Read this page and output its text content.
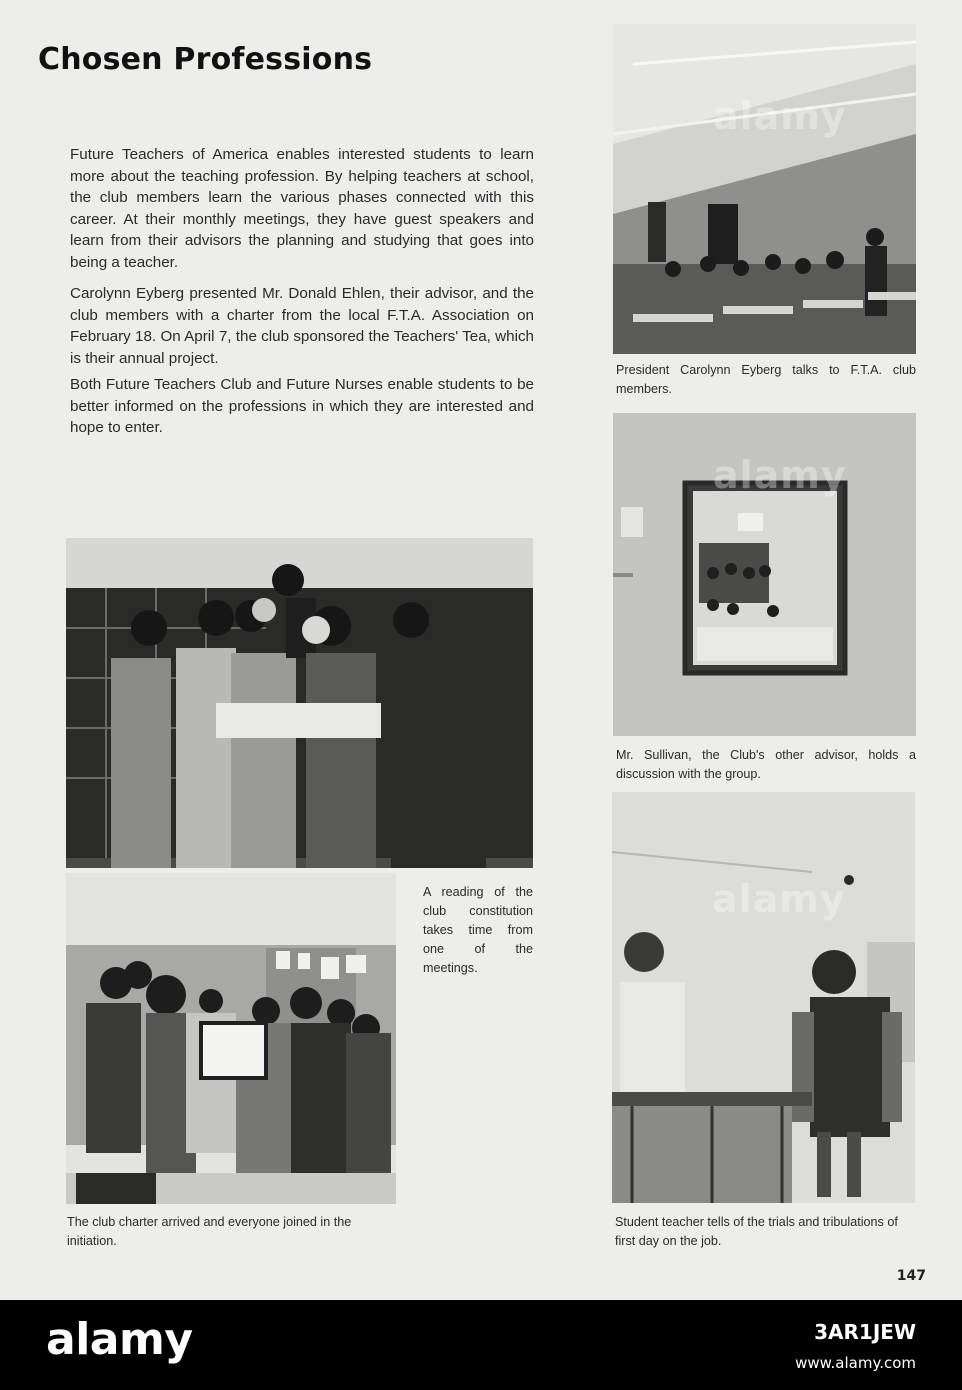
Chosen Professions

Future Teachers of America enables interested students to learn more about the teaching profession. By helping teachers at school, the club members learn the various phases connected with this career. At their monthly meetings, they have guest speakers and learn from their advisors the planning and studying that goes into being a teacher.

Carolynn Eyberg presented Mr. Donald Ehlen, their advisor, and the club members with a charter from the local F.T.A. Association on February 18. On April 7, the club sponsored the Teachers' Tea, which is their annual project.

Both Future Teachers Club and Future Nurses enable students to be better informed on the professions in which they are interested and hope to enter.

alamy

President Carolynn Eyberg talks to F.T.A. club members.

alamy

Mr. Sullivan, the Club's other advisor, holds a discussion with the group.

A reading of the club constitution takes time from one of the meetings.

The club charter arrived and everyone joined in the initiation.

alamy

Student teacher tells of the trials and tribulations of first day on the job.

147
alamy	3AR1JEW
www.alamy.com
